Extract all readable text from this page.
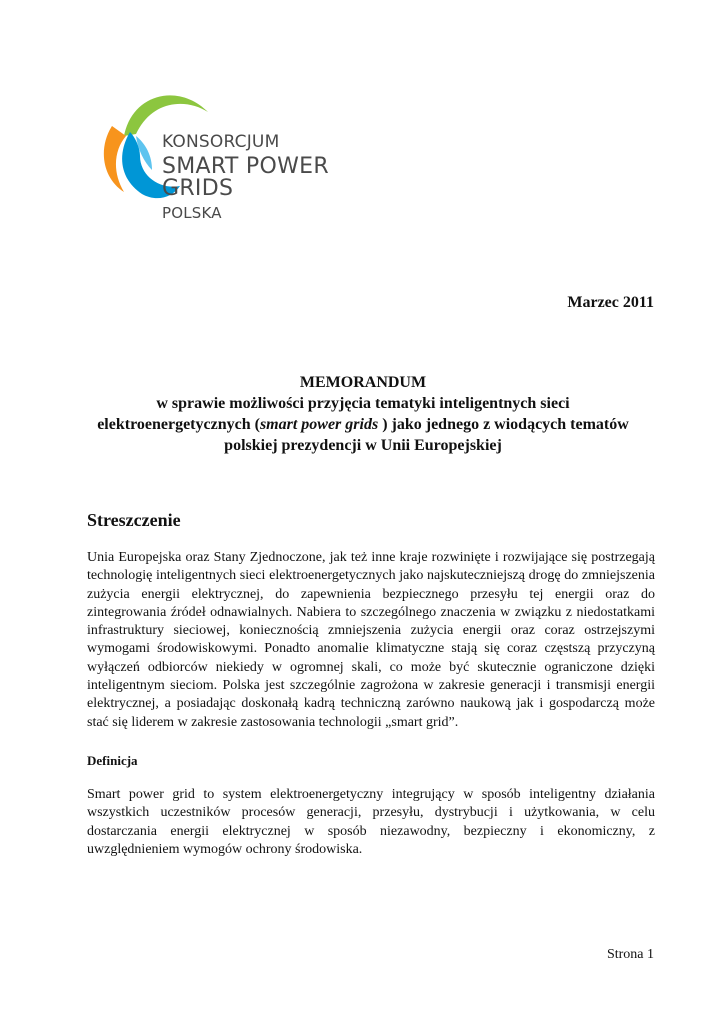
KONSORCJUM
SMART POWER GRIDS
POLSKA
Marzec 2011
MEMORANDUM
w sprawie możliwości przyjęcia tematyki inteligentnych sieci
elektroenergetycznych (smart power grids ) jako jednego z wiodących tematów
polskiej prezydencji w Unii Europejskiej
Streszczenie
Unia Europejska oraz Stany Zjednoczone, jak też inne kraje rozwinięte i rozwijające się postrzegają technologię inteligentnych sieci elektroenergetycznych jako najskuteczniejszą drogę do zmniejszenia zużycia energii elektrycznej, do zapewnienia bezpiecznego przesyłu tej energii oraz do zintegrowania źródeł odnawialnych. Nabiera to szczególnego znaczenia w związku z niedostatkami infrastruktury sieciowej, koniecznością zmniejszenia zużycia energii oraz coraz ostrzejszymi wymogami środowiskowymi. Ponadto anomalie klimatyczne stają się coraz częstszą przyczyną wyłączeń odbiorców niekiedy w ogromnej skali, co może być skutecznie ograniczone dzięki inteligentnym sieciom. Polska jest szczególnie zagrożona w zakresie generacji i transmisji energii elektrycznej, a posiadając doskonałą kadrą techniczną zarówno naukową jak i gospodarczą może stać się liderem w zakresie zastosowania technologii „smart grid”.
Definicja
Smart power grid to system elektroenergetyczny integrujący w sposób inteligentny działania wszystkich uczestników procesów generacji, przesyłu, dystrybucji i użytkowania, w celu dostarczania energii elektrycznej w sposób niezawodny, bezpieczny i ekonomiczny, z uwzględnieniem wymogów ochrony środowiska.
Strona 1
